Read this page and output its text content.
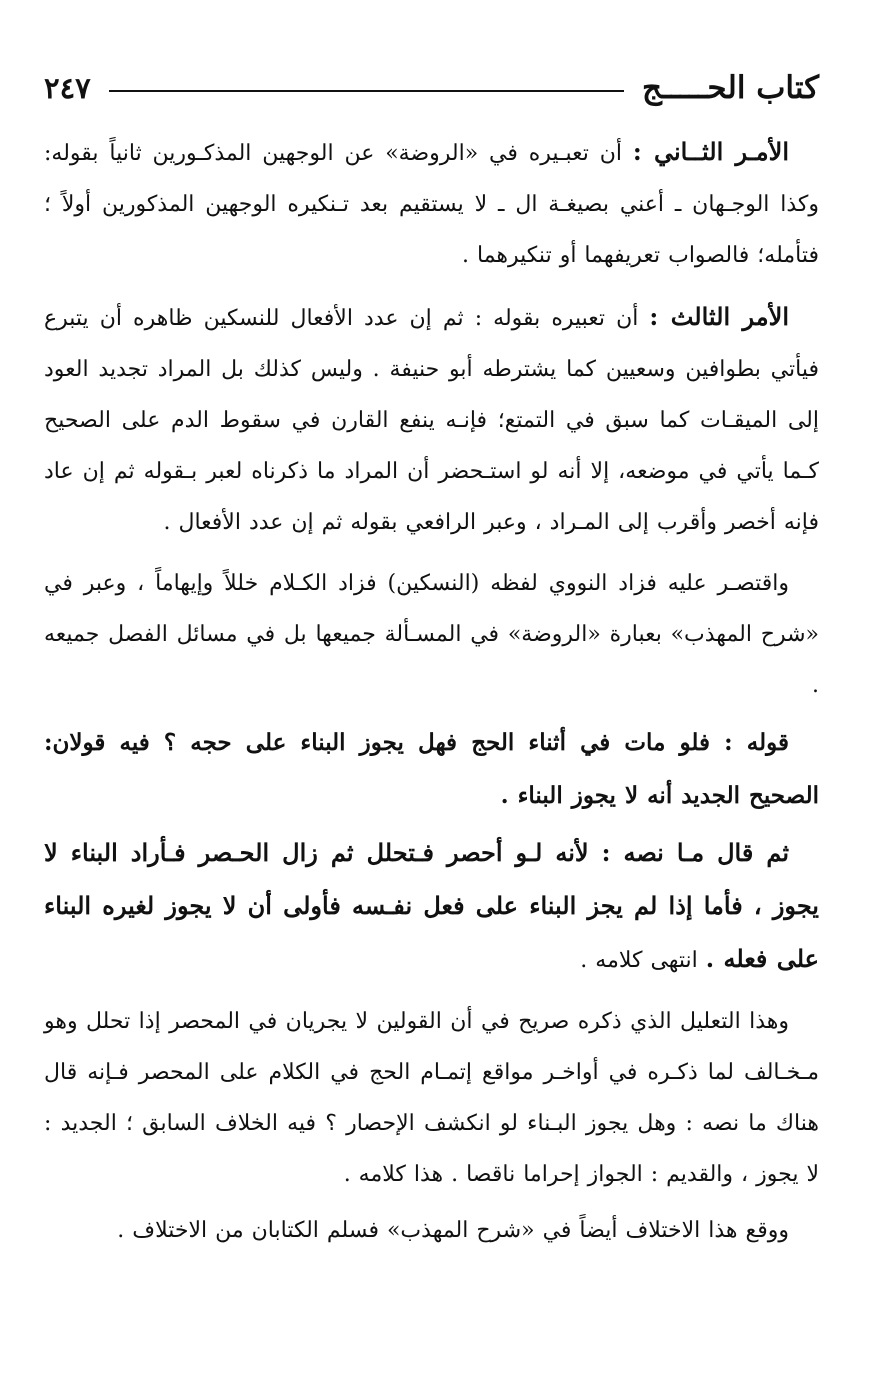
كتاب الحـــــج
٢٤٧

الأمـر الثــاني : أن تعبـيره في «الروضة» عن الوجهين المذكـورين ثانياً بقوله: وكذا الوجـهان ـ أعني بصيغـة ال ـ لا يستقيم بعد تـنكيره الوجهين المذكورين أولاً ؛ فتأمله؛ فالصواب تعريفهما أو تنكيرهما .

الأمر الثالث : أن تعبيره بقوله : ثم إن عدد الأفعال للنسكين ظاهره أن يتبرع فيأتي بطوافين وسعيين كما يشترطه أبو حنيفة . وليس كذلك بل المراد تجديد العود إلى الميقـات كما سبق في التمتع؛ فإنـه ينفع القارن في سقوط الدم على الصحيح كـما يأتي في موضعه، إلا أنه لو استـحضر أن المراد ما ذكرناه لعبر بـقوله ثم إن عاد فإنه أخصر وأقرب إلى المـراد ، وعبر الرافعي بقوله ثم إن عدد الأفعال .

واقتصـر عليه فزاد النووي لفظه (النسكين) فزاد الكـلام خللاً وإيهاماً ، وعبر في «شرح المهذب» بعبارة «الروضة» في المسـألة جميعها بل في مسائل الفصل جميعه .

قوله : فلو مات في أثناء الحج فهل يجوز البناء على حجه ؟ فيه قولان: الصحيح الجديد أنه لا يجوز البناء .

ثم قال مـا نصه : لأنه لـو أحصر فـتحلل ثم زال الحـصر فـأراد البناء لا يجوز ، فأما إذا لم يجز البناء على فعل نفـسه فأولى أن لا يجوز لغيره البناء على فعله . انتهى كلامه .

وهذا التعليل الذي ذكره صريح في أن القولين لا يجريان في المحصر إذا تحلل وهو مـخـالف لما ذكـره في أواخـر مواقع إتمـام الحج في الكلام على المحصر فـإنه قال هناك ما نصه : وهل يجوز البـناء لو انكشف الإحصار ؟ فيه الخلاف السابق ؛ الجديد : لا يجوز ، والقديم : الجواز إحراما ناقصا . هذا كلامه .

ووقع هذا الاختلاف أيضاً في «شرح المهذب» فسلم الكتابان من الاختلاف .
